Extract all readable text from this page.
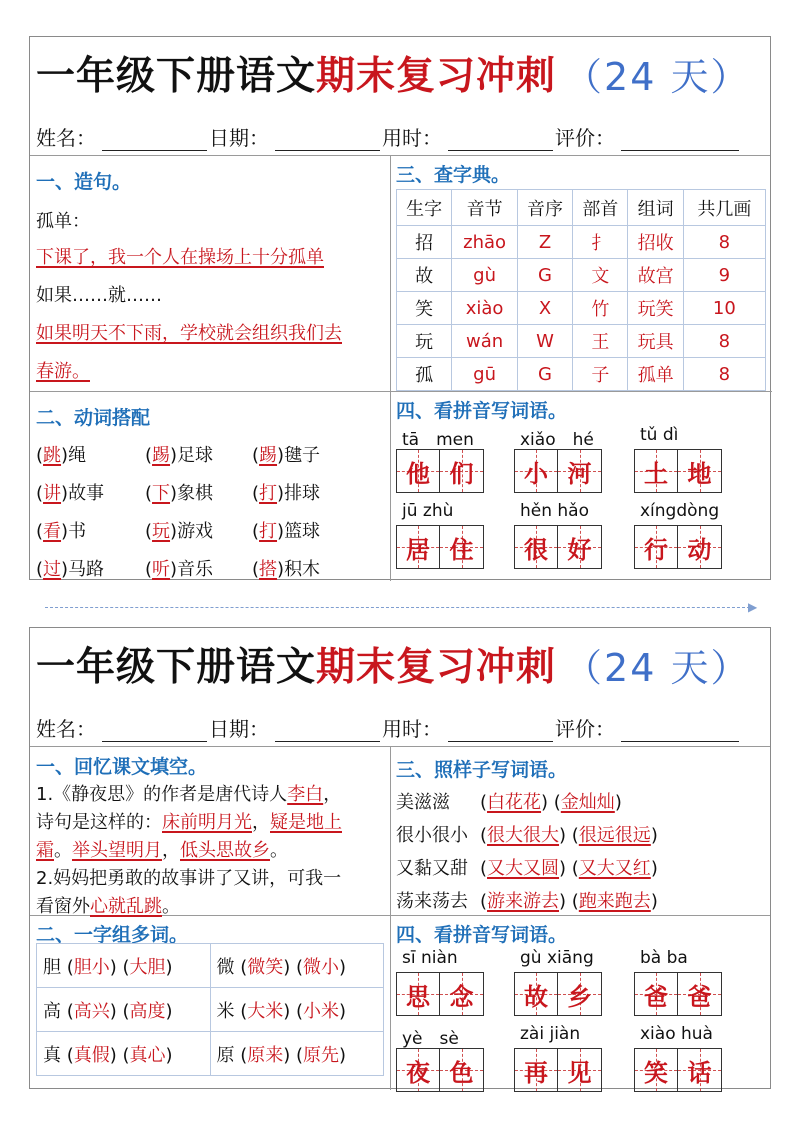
一年级下册语文 期末复习冲刺 （24 天）
姓名：	日期：	用时：	评价：
一、造句。
孤单：
下课了，我一个人在操场上十分孤单
如果……就……
如果明天不下雨，学校就会组织我们去
春游。
二、动词搭配
(跳)绳	(踢)足球 (踢)毽子
(讲)故事 (下)象棋 (打)排球
(看)书	(玩)游戏 (打)篮球
(过)马路 (听)音乐 (搭)积木
三、查字典。
生字	音节	音序	部首	组词	共几画
招	zhāo	Z	扌	招收	8
故	gù	G	文	故宫	9
笑	xiào	X	竹	玩笑	10
玩	wán	W	王	玩具	8
孤	gū	G	子	孤单	8
四、看拼音写词语。
tā　men
他 们
xiǎo　hé
小 河
tǔ dì
土 地
jū zhù
居 住
hěn hǎo
很 好
xíngdòng
行 动
▶
一年级下册语文 期末复习冲刺 （24 天）
姓名：	日期：	用时：	评价：
一、回忆课文填空。
1.《静夜思》的作者是唐代诗人李白，
诗句是这样的：床前明月光，疑是地上
霜。举头望明月，低头思故乡。
2.妈妈把勇敢的故事讲了又讲，可我一
看窗外心就乱跳。
二、一字组多词。
胆 (胆小) (大胆)	微 (微笑) (微小)
高 (高兴) (高度)	米 (大米) (小米)
真 (真假) (真心)	原 (原来) (原先)
三、照样子写词语。
美滋滋 (白花花) (金灿灿)
很小很小 (很大很大) (很远很远)
又黏又甜 (又大又圆) (又大又红)
荡来荡去 (游来游去) (跑来跑去)
四、看拼音写词语。
sī niàn
思 念
gù xiāng
故 乡
bà ba
爸 爸
yè　sè
夜 色
zài jiàn
再 见
xiào huà
笑 话
